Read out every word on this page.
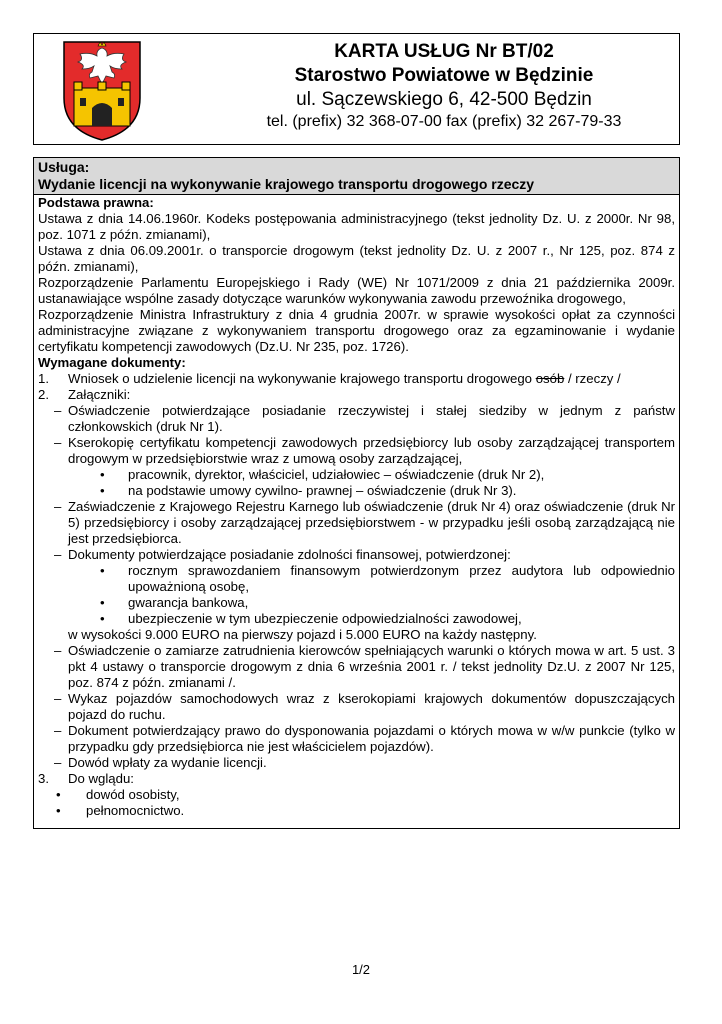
KARTA USŁUG Nr BT/02
Starostwo Powiatowe w Będzinie
ul. Sączewskiego 6, 42-500 Będzin
tel. (prefix) 32 368-07-00 fax (prefix) 32 267-79-33
Usługa:
Wydanie licencji na wykonywanie krajowego transportu drogowego rzeczy
Podstawa prawna:
Ustawa z dnia 14.06.1960r. Kodeks postępowania administracyjnego (tekst jednolity Dz. U. z 2000r. Nr 98, poz. 1071 z późn. zmianami),
Ustawa z dnia 06.09.2001r. o transporcie drogowym (tekst jednolity Dz. U. z 2007 r., Nr 125, poz. 874 z późn. zmianami),
Rozporządzenie Parlamentu Europejskiego i Rady (WE) Nr 1071/2009 z dnia 21 października 2009r. ustanawiające wspólne zasady dotyczące warunków wykonywania zawodu przewoźnika drogowego,
Rozporządzenie Ministra Infrastruktury z dnia 4 grudnia 2007r. w sprawie wysokości opłat za czynności administracyjne związane z wykonywaniem transportu drogowego oraz za egzaminowanie i wydanie certyfikatu kompetencji zawodowych (Dz.U. Nr 235, poz. 1726).
Wymagane dokumenty:
1. Wniosek o udzielenie licencji na wykonywanie krajowego transportu drogowego osób / rzeczy /
2. Załączniki:
– Oświadczenie potwierdzające posiadanie rzeczywistej i stałej siedziby w jednym z państw członkowskich (druk Nr 1).
– Kserokopię certyfikatu kompetencji zawodowych przedsiębiorcy lub osoby zarządzającej transportem drogowym w przedsiębiorstwie wraz z umową osoby zarządzającej,
• pracownik, dyrektor, właściciel, udziałowiec – oświadczenie (druk Nr 2),
• na podstawie umowy cywilno- prawnej – oświadczenie (druk Nr 3).
– Zaświadczenie z Krajowego Rejestru Karnego lub oświadczenie (druk Nr 4) oraz oświadczenie (druk Nr 5) przedsiębiorcy i osoby zarządzającej przedsiębiorstwem - w przypadku jeśli osobą zarządzającą nie jest przedsiębiorca.
– Dokumenty potwierdzające posiadanie zdolności finansowej, potwierdzonej:
• rocznym sprawozdaniem finansowym potwierdzonym przez audytora lub odpowiednio upoważnioną osobę,
• gwarancja bankowa,
• ubezpieczenie w tym ubezpieczenie odpowiedzialności zawodowej,
w wysokości 9.000 EURO na pierwszy pojazd i 5.000 EURO na każdy następny.
– Oświadczenie o zamiarze zatrudnienia kierowców spełniających warunki o których mowa w art. 5 ust. 3 pkt 4 ustawy o transporcie drogowym z dnia 6 września 2001 r. / tekst jednolity Dz.U. z 2007 Nr 125, poz. 874 z późn. zmianami /.
– Wykaz pojazdów samochodowych wraz z kserokopiami krajowych dokumentów dopuszczających pojazd do ruchu.
– Dokument potwierdzający prawo do dysponowania pojazdami o których mowa w w/w punkcie (tylko w przypadku gdy przedsiębiorca nie jest właścicielem pojazdów).
– Dowód wpłaty za wydanie licencji.
3. Do wglądu:
• dowód osobisty,
• pełnomocnictwo.
1/2
